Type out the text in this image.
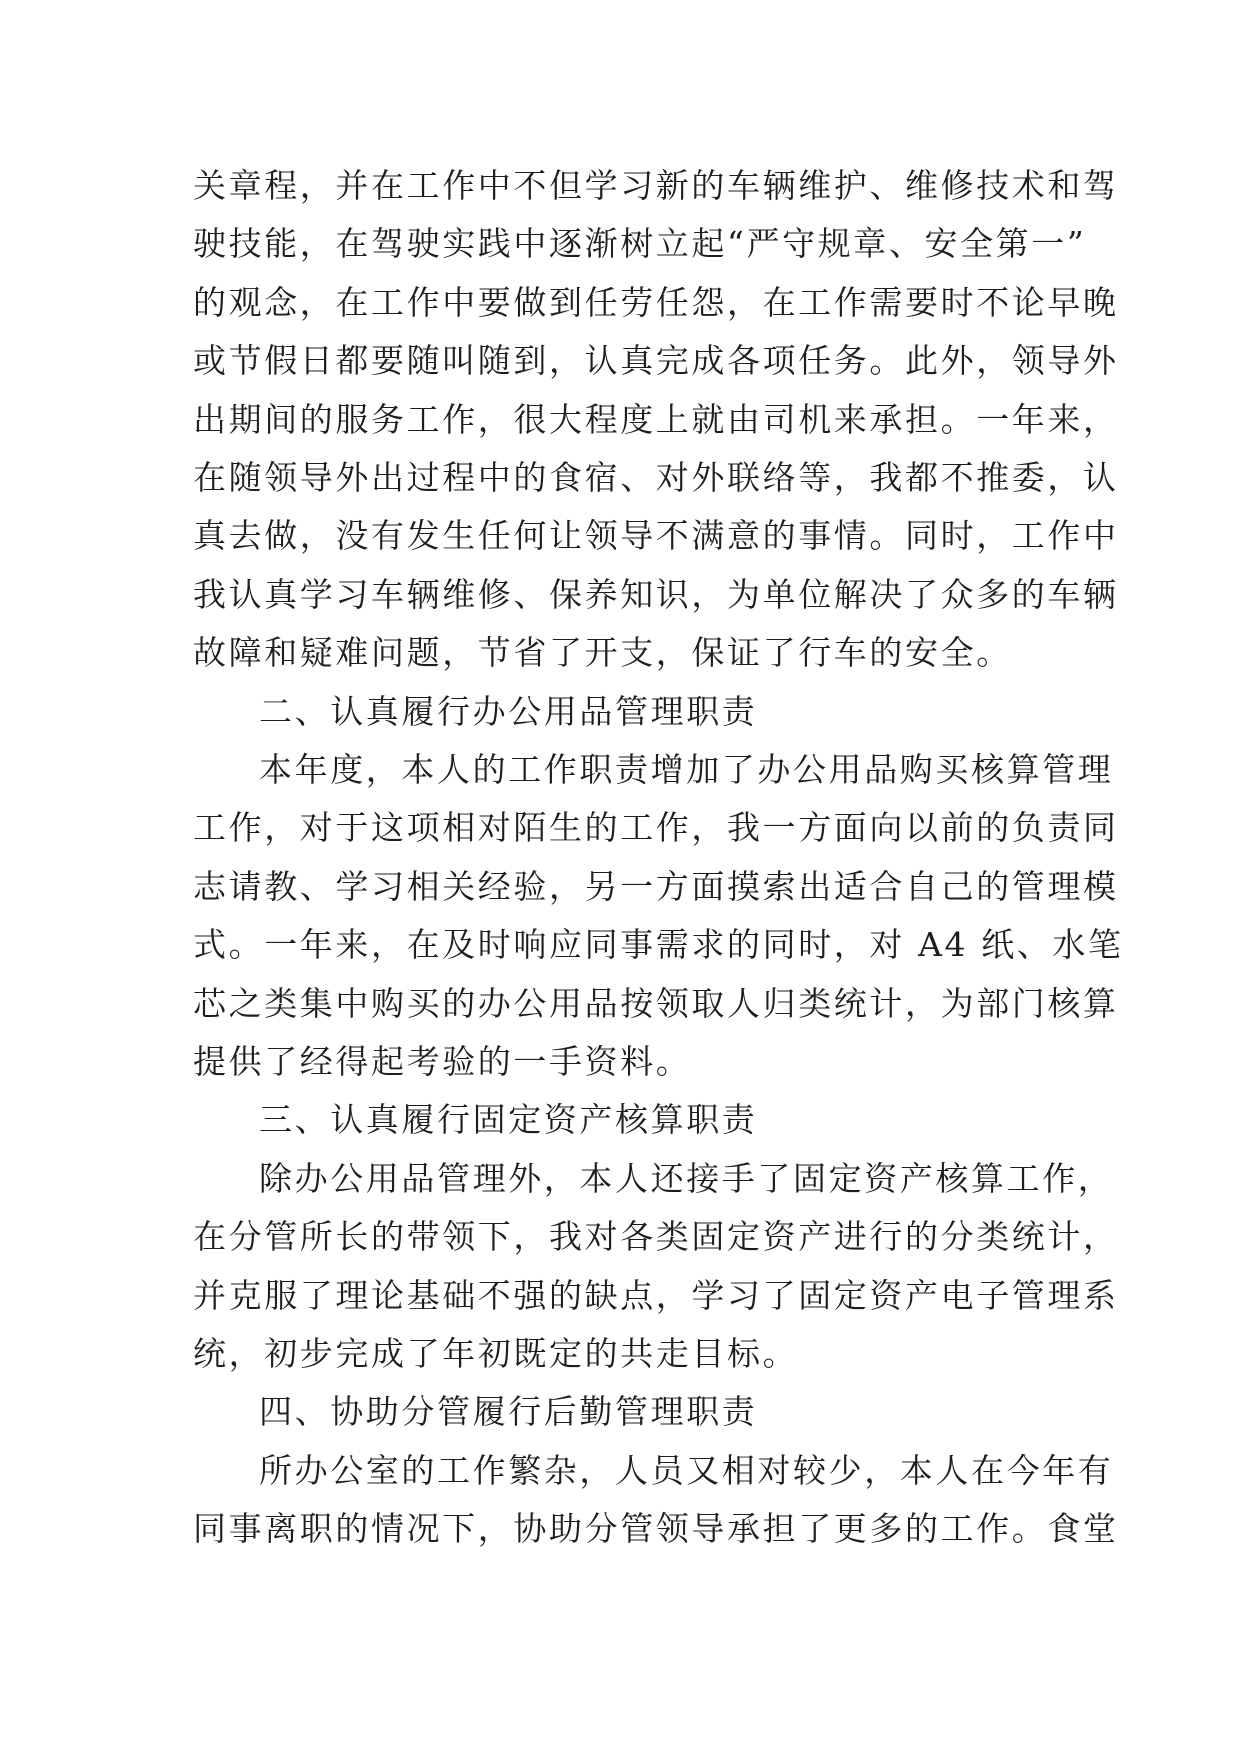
关章程，并在工作中不但学习新的车辆维护、维修技术和驾
驶技能，在驾驶实践中逐渐树立起“严守规章、安全第一”
的观念，在工作中要做到任劳任怨，在工作需要时不论早晚
或节假日都要随叫随到，认真完成各项任务。此外，领导外
出期间的服务工作，很大程度上就由司机来承担。一年来，
在随领导外出过程中的食宿、对外联络等，我都不推委，认
真去做，没有发生任何让领导不满意的事情。同时，工作中
我认真学习车辆维修、保养知识，为单位解决了众多的车辆
故障和疑难问题，节省了开支，保证了行车的安全。
二、认真履行办公用品管理职责
本年度，本人的工作职责增加了办公用品购买核算管理
工作，对于这项相对陌生的工作，我一方面向以前的负责同
志请教、学习相关经验，另一方面摸索出适合自己的管理模
式。一年来，在及时响应同事需求的同时，对 A4 纸、水笔
芯之类集中购买的办公用品按领取人归类统计，为部门核算
提供了经得起考验的一手资料。
三、认真履行固定资产核算职责
除办公用品管理外，本人还接手了固定资产核算工作，
在分管所长的带领下，我对各类固定资产进行的分类统计，
并克服了理论基础不强的缺点，学习了固定资产电子管理系
统，初步完成了年初既定的共走目标。
四、协助分管履行后勤管理职责
所办公室的工作繁杂，人员又相对较少，本人在今年有
同事离职的情况下，协助分管领导承担了更多的工作。食堂
